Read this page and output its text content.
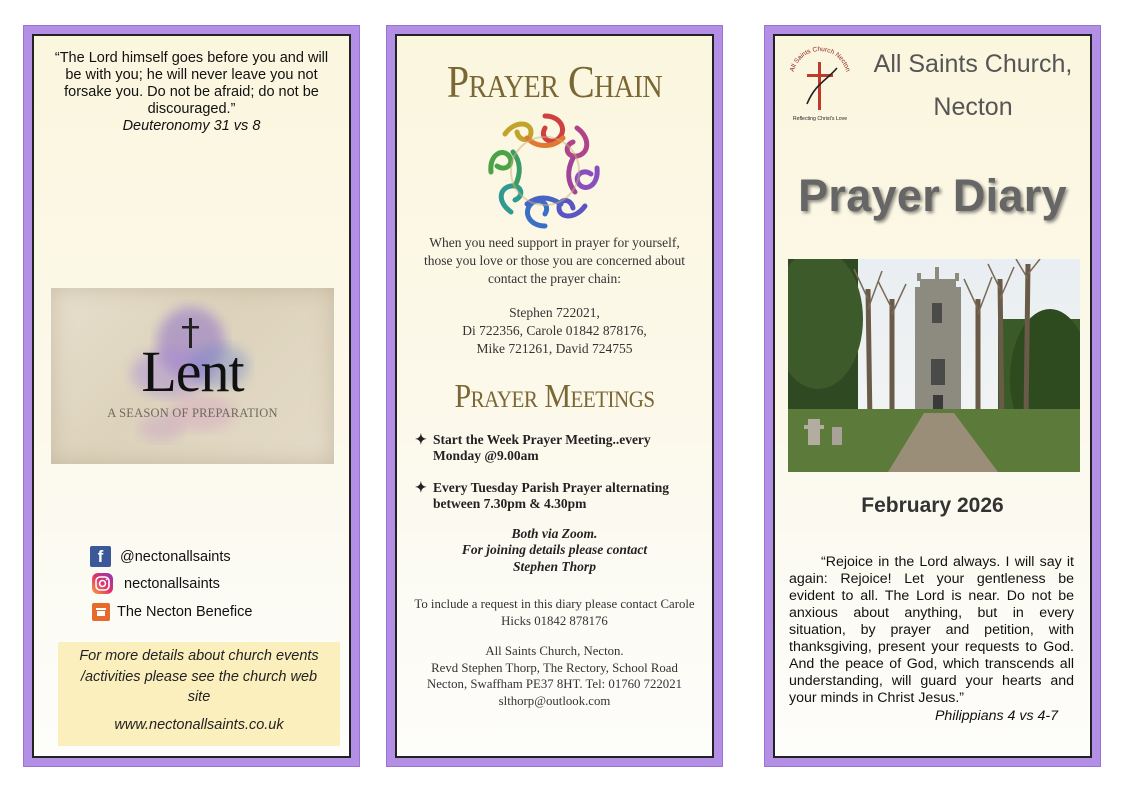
“The Lord himself goes before you and will be with you; he will never leave you not forsake you. Do not be afraid; do not be discouraged.”
Deuteronomy 31 vs 8
Lent
A SEASON OF PREPARATION
f	@nectonallsaints
nectonallsaints
The Necton Benefice
For more details about church events /activities please see the church web site
www.nectonallsaints.co.uk
Prayer Chain
When you need support in prayer for yourself, those you love or those you are concerned about contact the prayer chain:
Stephen 722021,
Di 722356, Carole 01842 878176,
Mike 721261, David 724755
Prayer Meetings
✦ Start the Week Prayer Meeting..every Monday @9.00am
✦ Every Tuesday Parish Prayer alternating between 7.30pm & 4.30pm
Both via Zoom.
For joining details please contact
Stephen Thorp
To include a request in this diary please contact Carole Hicks 01842 878176
All Saints Church, Necton.
Revd Stephen Thorp, The Rectory, School Road
Necton, Swaffham PE37 8HT. Tel: 01760 722021
slthorp@outlook.com
All Saints Church Necton
Reflecting Christ's Love
All Saints Church,
Necton
Prayer Diary
February 2026
“Rejoice in the Lord always. I will say it again: Rejoice! Let your gentleness be evident to all. The Lord is near. Do not be anxious about anything, but in every situation, by prayer and petition, with thanksgiving, present your requests to God. And the peace of God, which transcends all understanding, will guard your hearts and your minds in Christ Jesus.”
Philippians 4 vs 4-7
